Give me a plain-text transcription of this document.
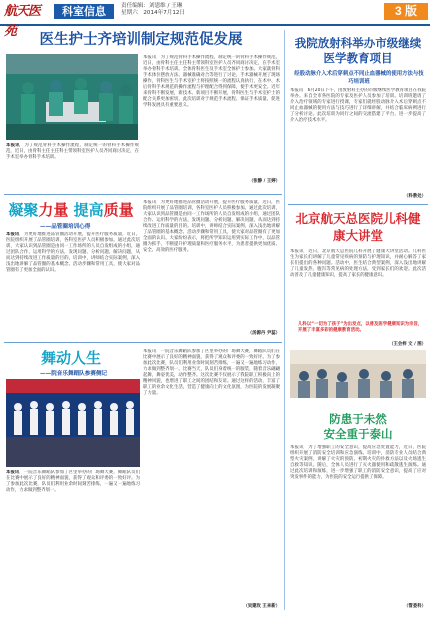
航天医苑
科室信息	责任编辑：刘恩维 / 王琳
星期六　2014年7月12日	3 版
医生护士齐培训制定规范促发展
本报讯　为了规范骨科手术操作流程，制定统一的骨科手术操作规范，近日，由骨科主任主任科主带领科室医护人员齐同商讨决定，在手术室举办骨科手术培训。
本报讯　为了规范骨科手术操作流程，制定统一的骨科手术操作规范，近日，由骨科主任主任科主带领科室医护人员齐同商讨决定，在手术室举办骨科手术培训。全体骨科医生及手术室全体护士参加。大家就骨科手术体位摆放方法、器械准确对合等进行了讨论，手术器械开展了现场操作，骨科医生与手术室护士将按照统一的流程认真执行，在术中、术后骨科手术规范的操作流程与护理配合得到保障，使手术更安全。近年来骨科不断发展，新技术、新项目不断开展，骨科医生与手术室护士的配合关系更加密切，此次培训对于规范手术流程、保证手术质量、促进学科发展具有重要意义。
（张静 / 王婷）
凝聚力量 提高质量
——品管圈培训心得
本报讯　为更好地推进品管圈活动开展，提升医疗服务质量，近日，医院组织开展了品管圈培训，各科室医护人员积极参加。通过此次培训，大家认识到品管圈是由同一工作场所的人员自发组成的小组，通过团队合作、运用科学的方法，发现问题、分析问题、解决问题，从而达到持续改进工作质量的目的。培训中，讲师结合实际案例，深入浅出地讲解了品管圈的基本概念、活动步骤和常用工具，使大家对品管圈有了更加全面的认识。
本报讯　为更好地推进品管圈活动开展，提升医疗服务质量，近日，医院组织开展了品管圈培训，各科室医护人员积极参加。通过此次培训，大家认识到品管圈是由同一工作场所的人员自发组成的小组，通过团队合作、运用科学的方法，发现问题、分析问题、解决问题，从而达到持续改进工作质量的目的。培训中，讲师结合实际案例，深入浅出地讲解了品管圈的基本概念、活动步骤和常用工具，使大家对品管圈有了更加全面的认识。大家纷纷表示，将把所学知识运用到实际工作中，以品管圈为抓手，不断提升护理质量和医疗服务水平，为患者提供更加优质、安全、高效的医疗服务。
（汤源丹 尹蕊）
舞动人生
——院音乐舞蹈队参赛侧记
本报讯　一院音乐舞蹈队参加了区里举办的广场舞大赛，舞蹈队员们在比赛中展示了良好的精神面貌，获得了观众和评委的一致好评。为了参加此次比赛，队员们利用业余时间刻苦排练，一遍又一遍地练习动作，力求做到整齐划一。
本报讯　一院音乐舞蹈队参加了区里举办的广场舞大赛，舞蹈队员们在比赛中展示了良好的精神面貌，获得了观众和评委的一致好评。为了参加此次比赛，队员们利用业余时间刻苦排练，一遍又一遍地练习动作，力求做到整齐划一。比赛当天，队员们身着统一的服装，随着音乐翩翩起舞，舞姿优美，动作整齐。这次比赛不仅展示了我院职工积极向上的精神风貌，也增进了职工之间的团结和友谊。通过这样的活动，丰富了职工的业余文化生活，营造了健康向上的文化氛围，为医院的发展凝聚了力量。
（吴建玫 王来新）
我院放射科举办市级继续医学教育项目
经股动脉介入术后穿刺点不同止血器械的使用方法与技巧培训班
本报讯　6月20日下午，由放射科主办的市级继续医学教育项目在我院举办。来自全市各医院的专家及医护人员参加了培训。培训班邀请了介入治疗领域的专家进行授课，专家们就经股动脉介入术后穿刺点不同止血器械的使用方法与技巧进行了详细讲解，并结合临床病例进行了分析讨论。此次培训为同行之间的交流搭建了平台，进一步提高了介入治疗技术水平。
（科教处）
北京航天总医院儿科健康大讲堂
本报讯　近日，北京航天总医院儿科开展了健康大讲堂活动。儿科医生为家长们讲解了儿童常见疾病的预防与护理知识，并耐心解答了家长们提出的各种问题。活动中，医生结合典型案例，深入浅出地讲解了儿童发热、腹泻等常见病的处理方法，受到家长们的欢迎。此次活动普及了儿童健康知识，提高了家长的健康意识。
儿科以“一切为了孩子”为出发点，以普及医学健康知识为宗旨，开展了丰富多彩的健康教育活动。
（王会梓 文 / 图）
防患于未然
安全重于泰山
本报讯　为了增强职工的安全意识，提高应急处置能力，近日，医院组织开展了消防安全培训和应急演练。培训中，消防专业人员结合典型火灾案例，讲解了火灾的预防、初期火灾的扑救方法以及火场逃生自救等知识。随后，全体人员进行了灭火器使用和疏散逃生演练。通过此次培训和演练，进一步增强了职工的消防安全意识，提高了应对突发事件的能力，为医院的安全运行提供了保障。
（管委科）
